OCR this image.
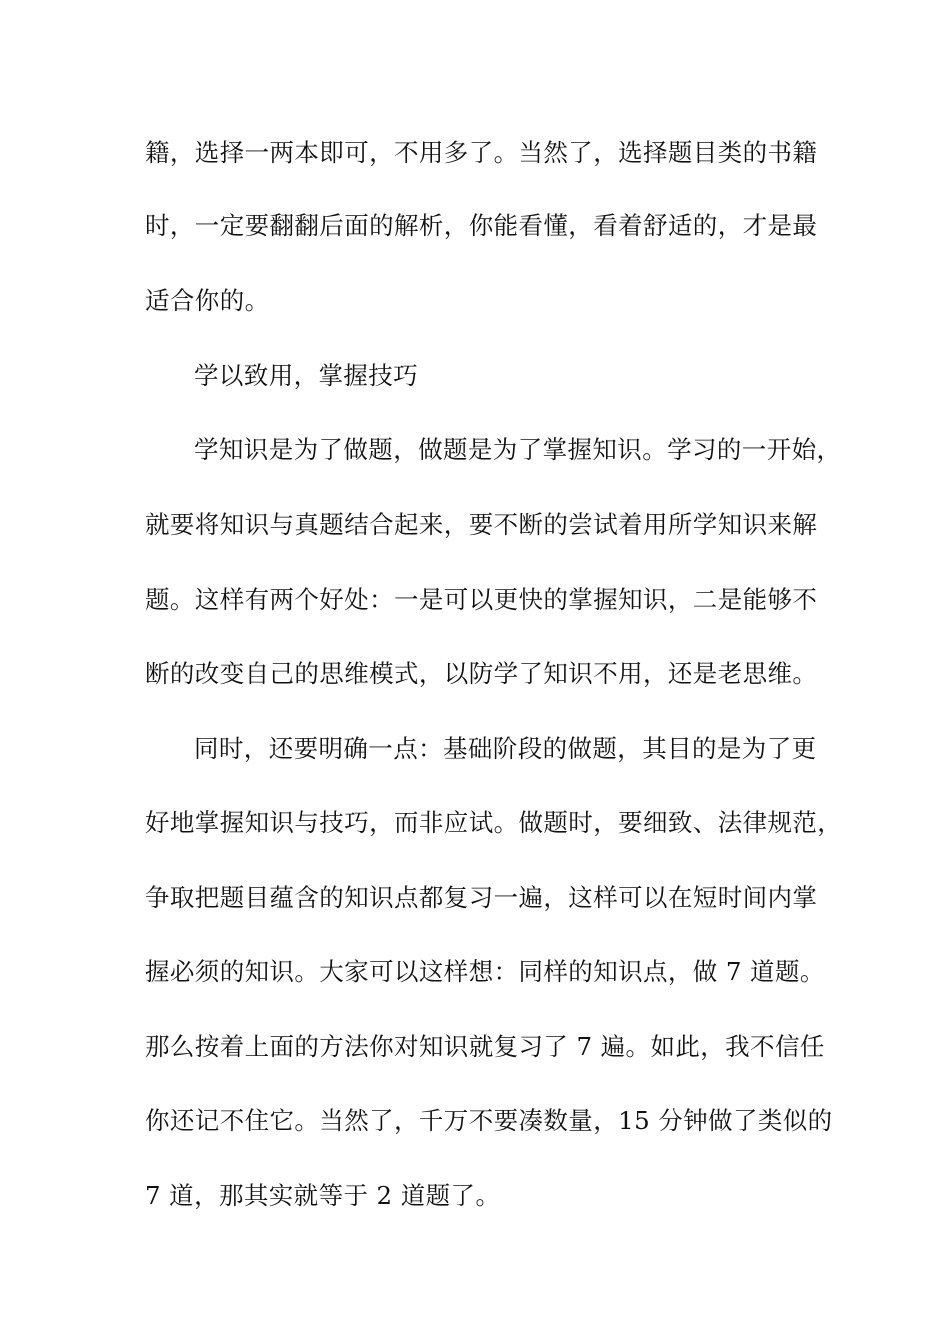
籍，选择一两本即可，不用多了。当然了，选择题目类的书籍
时，一定要翻翻后面的解析，你能看懂，看着舒适的，才是最
适合你的。
学以致用，掌握技巧
学知识是为了做题，做题是为了掌握知识。学习的一开始，
就要将知识与真题结合起来，要不断的尝试着用所学知识来解
题。这样有两个好处：一是可以更快的掌握知识，二是能够不
断的改变自己的思维模式，以防学了知识不用，还是老思维。
同时，还要明确一点：基础阶段的做题，其目的是为了更
好地掌握知识与技巧，而非应试。做题时，要细致、法律规范，
争取把题目蕴含的知识点都复习一遍，这样可以在短时间内掌
握必须的知识。大家可以这样想：同样的知识点，做 7 道题。
那么按着上面的方法你对知识就复习了 7 遍。如此，我不信任
你还记不住它。当然了，千万不要凑数量，15 分钟做了类似的
7 道，那其实就等于 2 道题了。
